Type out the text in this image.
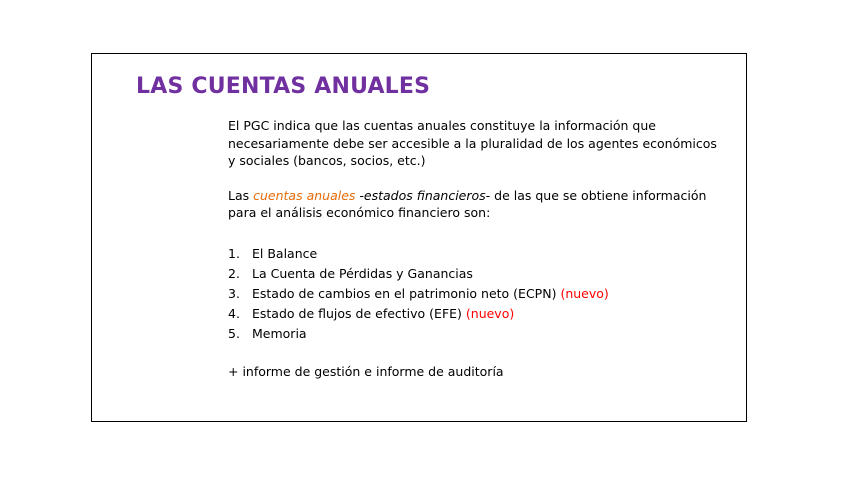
LAS CUENTAS ANUALES

El PGC indica que las cuentas anuales constituye la información que necesariamente debe ser accesible a la pluralidad de los agentes económicos y sociales (bancos, socios, etc.)

Las cuentas anuales -estados financieros- de las que se obtiene información para el análisis económico financiero son:

1. El Balance
2. La Cuenta de Pérdidas y Ganancias
3. Estado de cambios en el patrimonio neto (ECPN) (nuevo)
4. Estado de flujos de efectivo (EFE) (nuevo)
5. Memoria

+ informe de gestión e informe de auditoría
